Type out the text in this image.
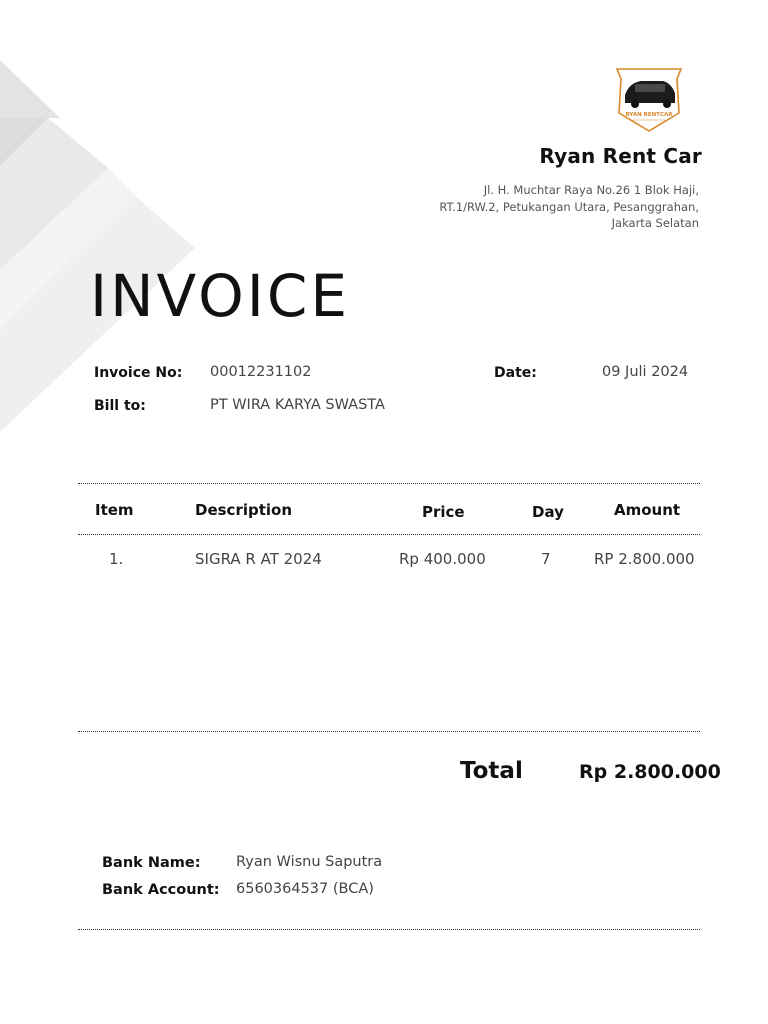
RYAN RENTCAR
Ryan Rent Car
Jl. H. Muchtar Raya No.26 1 Blok Haji,
RT.1/RW.2, Petukangan Utara, Pesanggrahan,
Jakarta Selatan
INVOICE
Invoice No: 00012231102	Date:	09 Juli 2024
Bill to:	PT WIRA KARYA SWASTA
Item	Description	Price	Day	Amount
1.	SIGRA R AT 2024	Rp 400.000	7	RP 2.800.000
Total	Rp 2.800.000
Bank Name: Ryan Wisnu Saputra
Bank Account: 6560364537 (BCA)
